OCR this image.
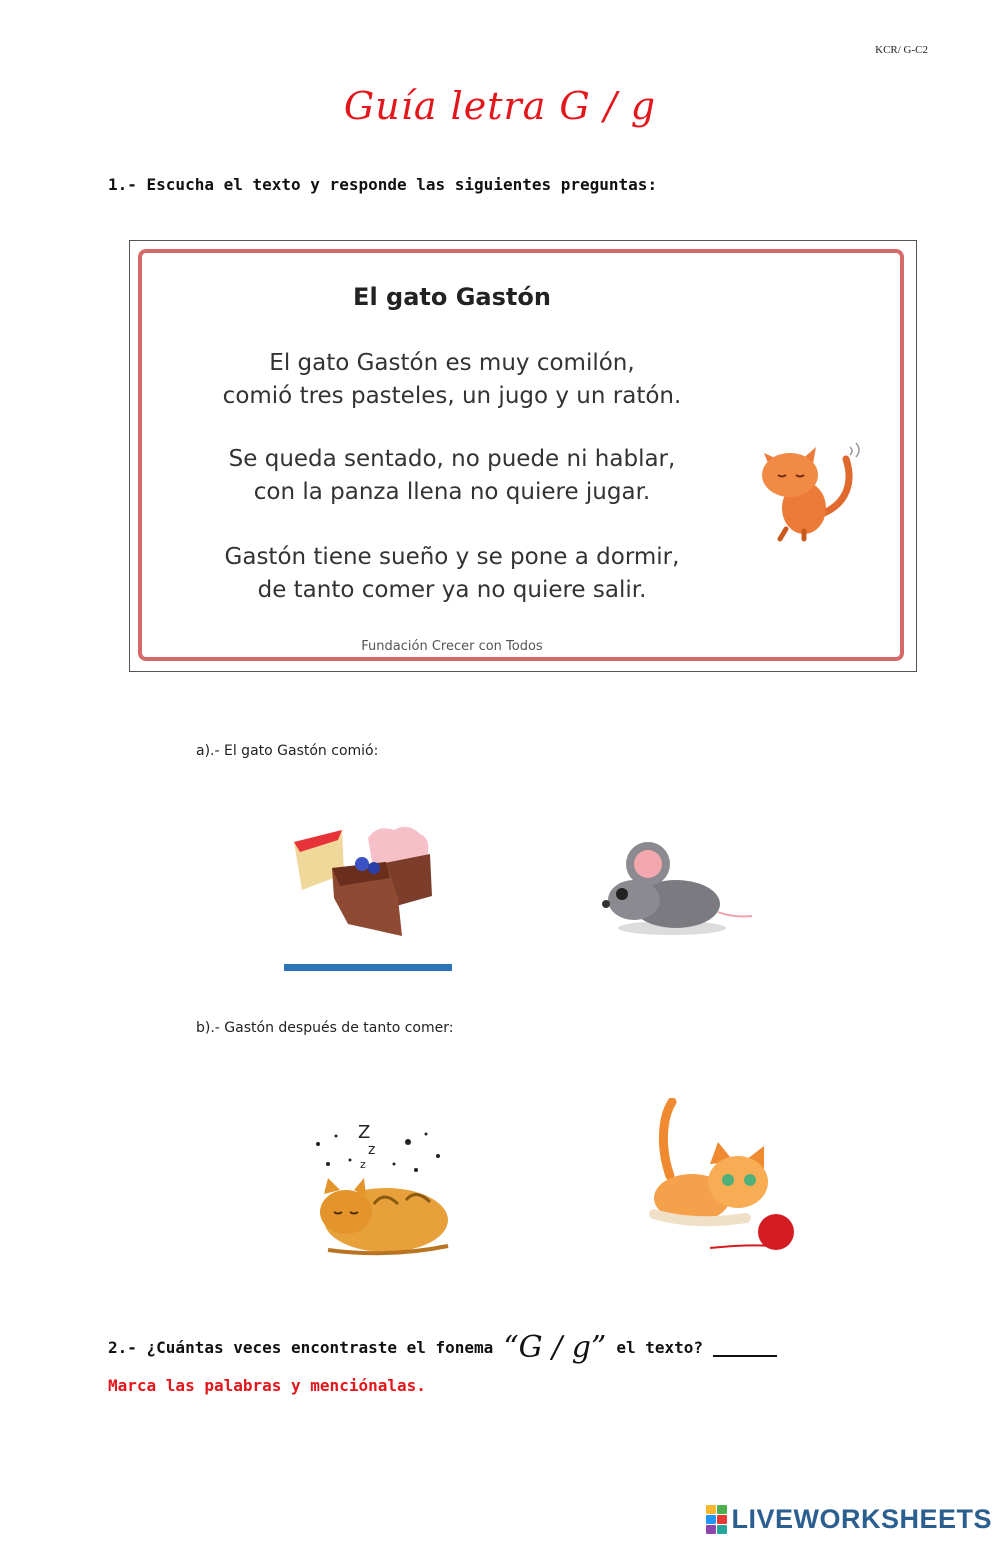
KCR/ G-C2
Guía letra G / g
1.- Escucha el texto y responde las siguientes preguntas:
El gato Gastón
El gato Gastón es muy comilón,
comió tres pasteles, un jugo y un ratón.
Se queda sentado, no puede ni hablar,
con la panza llena no quiere jugar.
Gastón tiene sueño y se pone a dormir,
de tanto comer ya no quiere salir.
Fundación Crecer con Todos
a).- El gato Gastón comió:
b).- Gastón después de tanto comer:
Z
z
z
2.- ¿Cuántas veces encontraste el fonema “G / g” el texto?
Marca las palabras y menciónalas.
LIVEWORKSHEETS
